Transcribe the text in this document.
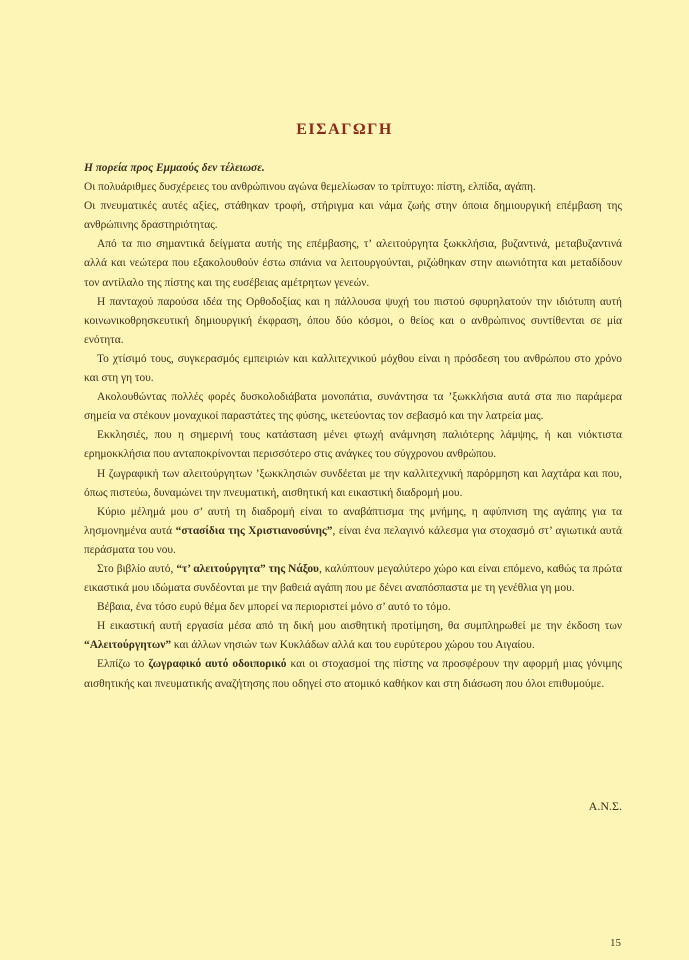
ΕΙΣΑΓΩΓΗ

Η πορεία προς Εμμαούς δεν τέλειωσε.

Οι πολυάριθμες δυσχέρειες του ανθρώπινου αγώνα θεμελίωσαν το τρίπτυχο: πίστη, ελπίδα, αγάπη.

Οι πνευματικές αυτές αξίες, στάθηκαν τροφή, στήριγμα και νάμα ζωής στην όποια δημιουργική επέμβαση της ανθρώπινης δραστηριότητας.

Από τα πιο σημαντικά δείγματα αυτής της επέμβασης, τ’ αλειτούργητα ξωκκλήσια, βυζαντινά, μεταβυζαντινά αλλά και νεώτερα που εξακολουθούν έστω σπάνια να λειτουργούνται, ριζώθηκαν στην αιωνιότητα και μεταδίδουν τον αντίλαλο της πίστης και της ευσέβειας αμέτρητων γενεών.

Η πανταχού παρούσα ιδέα της Ορθοδοξίας και η πάλλουσα ψυχή του πιστού σφυρηλατούν την ιδιότυπη αυτή κοινωνικοθρησκευτική δημιουργική έκφραση, όπου δύο κόσμοι, ο θείος και ο ανθρώπινος συντίθενται σε μία ενότητα.

Το χτίσιμό τους, συγκερασμός εμπειριών και καλλιτεχνικού μόχθου είναι η πρόσδεση του ανθρώπου στο χρόνο και στη γη του.

Ακολουθώντας πολλές φορές δυσκολοδιάβατα μονοπάτια, συνάντησα τα ’ξωκκλήσια αυτά στα πιο παράμερα σημεία να στέκουν μοναχικοί παραστάτες της φύσης, ικετεύοντας τον σεβασμό και την λατρεία μας.

Εκκλησιές, που η σημερινή τους κατάσταση μένει φτωχή ανάμνηση παλιότερης λάμψης, ή και νιόκτιστα ερημοκκλήσια που ανταποκρίνονται περισσότερο στις ανάγκες του σύγχρονου ανθρώπου.

Η ζωγραφική των αλειτούργητων ’ξωκκλησιών συνδέεται με την καλλιτεχνική παρόρμηση και λαχτάρα και που, όπως πιστεύω, δυναμώνει την πνευματική, αισθητική και εικαστική διαδρομή μου.

Κύριο μέλημά μου σ’ αυτή τη διαδρομή είναι το αναβάπτισμα της μνήμης, η αφύπνιση της αγάπης για τα λησμονημένα αυτά “στασίδια της Χριστιανοσύνης”, είναι ένα πελαγινό κάλεσμα για στοχασμό στ’ αγιωτικά αυτά περάσματα του νου.

Στο βιβλίο αυτό, “τ’ αλειτούργητα” της Νάξου, καλύπτουν μεγαλύτερο χώρο και είναι επόμενο, καθώς τα πρώτα εικαστικά μου ιδώματα συνδέονται με την βαθειά αγάπη που με δένει αναπόσπαστα με τη γενέθλια γη μου.

Βέβαια, ένα τόσο ευρύ θέμα δεν μπορεί να περιοριστεί μόνο σ’ αυτό το τόμο.

Η εικαστική αυτή εργασία μέσα από τη δική μου αισθητική προτίμηση, θα συμπληρωθεί με την έκδοση των “Αλειτούργητων” και άλλων νησιών των Κυκλάδων αλλά και του ευρύτερου χώρου του Αιγαίου.

Ελπίζω το ζωγραφικό αυτό οδοιπορικό και οι στοχασμοί της πίστης να προσφέρουν την αφορμή μιας γόνιμης αισθητικής και πνευματικής αναζήτησης που οδηγεί στο ατομικό καθήκον και στη διάσωση που όλοι επιθυμούμε.

Α.Ν.Σ.
15
